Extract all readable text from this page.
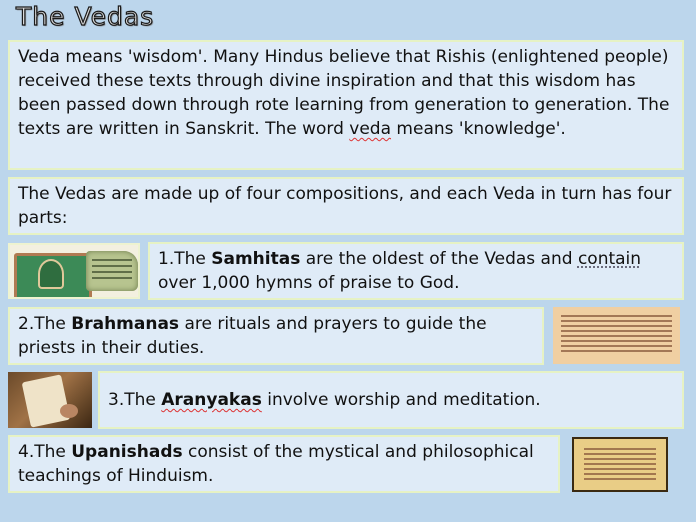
The Vedas

Veda means 'wisdom'. Many Hindus believe that Rishis (enlightened people) received these texts through divine inspiration and that this wisdom has been passed down through rote learning from generation to generation. The texts are written in Sanskrit. The word veda means 'knowledge'.

The Vedas are made up of four compositions, and each Veda in turn has four parts:

1.The Samhitas are the oldest of the Vedas and contain over 1,000 hymns of praise to God.

2.The Brahmanas are rituals and prayers to guide the priests in their duties.

3.The Aranyakas involve worship and meditation.

4.The Upanishads consist of the mystical and philosophical teachings of Hinduism.
